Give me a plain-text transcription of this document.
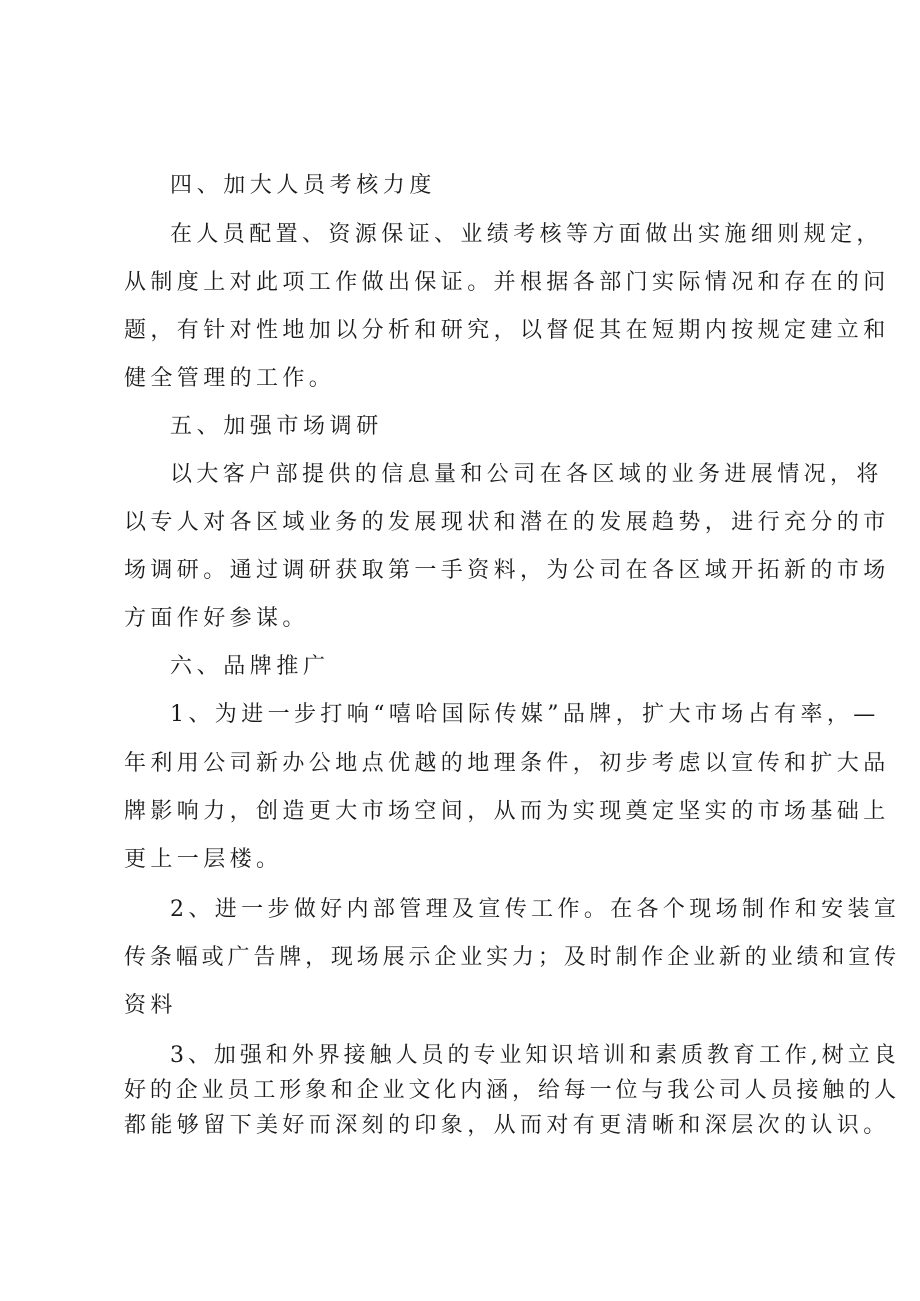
四、加大人员考核力度
在人员配置、资源保证、业绩考核等方面做出实施细则规定，
从制度上对此项工作做出保证。并根据各部门实际情况和存在的问
题，有针对性地加以分析和研究，以督促其在短期内按规定建立和
健全管理的工作。
五、加强市场调研
以大客户部提供的信息量和公司在各区域的业务进展情况，将
以专人对各区域业务的发展现状和潜在的发展趋势，进行充分的市
场调研。通过调研获取第一手资料，为公司在各区域开拓新的市场
方面作好参谋。
六、品牌推广
1、为进一步打响“嘻哈国际传媒”品牌，扩大市场占有率，—
年利用公司新办公地点优越的地理条件，初步考虑以宣传和扩大品
牌影响力，创造更大市场空间，从而为实现奠定坚实的市场基础上
更上一层楼。
2、进一步做好内部管理及宣传工作。在各个现场制作和安装宣
传条幅或广告牌，现场展示企业实力；及时制作企业新的业绩和宣传
资料
3、加强和外界接触人员的专业知识培训和素质教育工作,树立良
好的企业员工形象和企业文化内涵，给每一位与我公司人员接触的人
都能够留下美好而深刻的印象，从而对有更清晰和深层次的认识。
